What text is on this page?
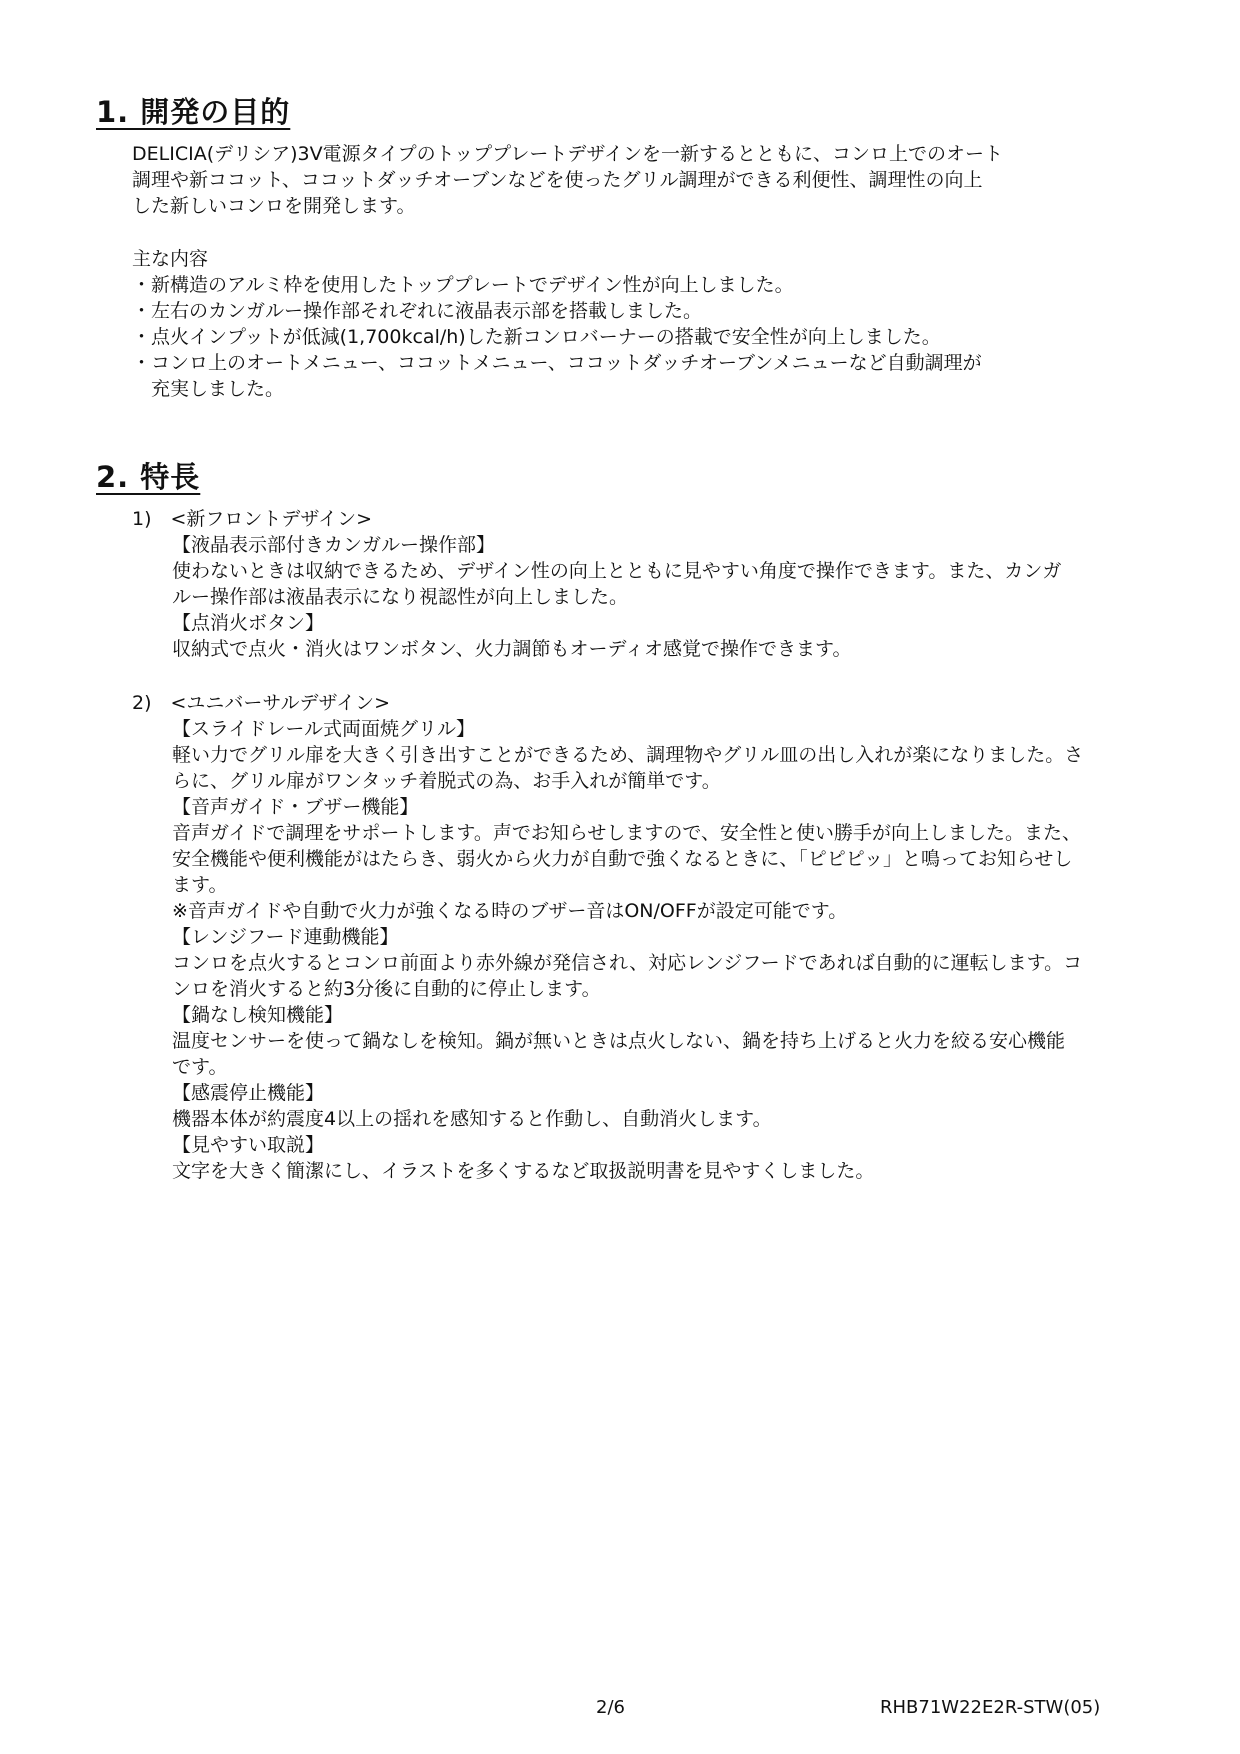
1. 開発の目的
DELICIA(デリシア)3V電源タイプのトッププレートデザインを一新するとともに、コンロ上でのオート
調理や新ココット、ココットダッチオーブンなどを使ったグリル調理ができる利便性、調理性の向上
した新しいコンロを開発します。
主な内容
・新構造のアルミ枠を使用したトッププレートでデザイン性が向上しました。
・左右のカンガルー操作部それぞれに液晶表示部を搭載しました。
・点火インプットが低減(1,700kcal/h)した新コンロバーナーの搭載で安全性が向上しました。
・コンロ上のオートメニュー、ココットメニュー、ココットダッチオーブンメニューなど自動調理が
　充実しました。
2. 特長
1)　<新フロントデザイン>
【液晶表示部付きカンガルー操作部】
使わないときは収納できるため、デザイン性の向上とともに見やすい角度で操作できます。また、カンガ
ルー操作部は液晶表示になり視認性が向上しました。
【点消火ボタン】
収納式で点火・消火はワンボタン、火力調節もオーディオ感覚で操作できます。
2)　<ユニバーサルデザイン>
【スライドレール式両面焼グリル】
軽い力でグリル扉を大きく引き出すことができるため、調理物やグリル皿の出し入れが楽になりました。さ
らに、グリル扉がワンタッチ着脱式の為、お手入れが簡単です。
【音声ガイド・ブザー機能】
音声ガイドで調理をサポートします。声でお知らせしますので、安全性と使い勝手が向上しました。また、
安全機能や便利機能がはたらき、弱火から火力が自動で強くなるときに、「ピピピッ」と鳴ってお知らせし
ます。
※音声ガイドや自動で火力が強くなる時のブザー音はON/OFFが設定可能です。
【レンジフード連動機能】
コンロを点火するとコンロ前面より赤外線が発信され、対応レンジフードであれば自動的に運転します。コ
ンロを消火すると約3分後に自動的に停止します。
【鍋なし検知機能】
温度センサーを使って鍋なしを検知。鍋が無いときは点火しない、鍋を持ち上げると火力を絞る安心機能
です。
【感震停止機能】
機器本体が約震度4以上の揺れを感知すると作動し、自動消火します。
【見やすい取説】
文字を大きく簡潔にし、イラストを多くするなど取扱説明書を見やすくしました。
2/6	RHB71W22E2R-STW(05)
